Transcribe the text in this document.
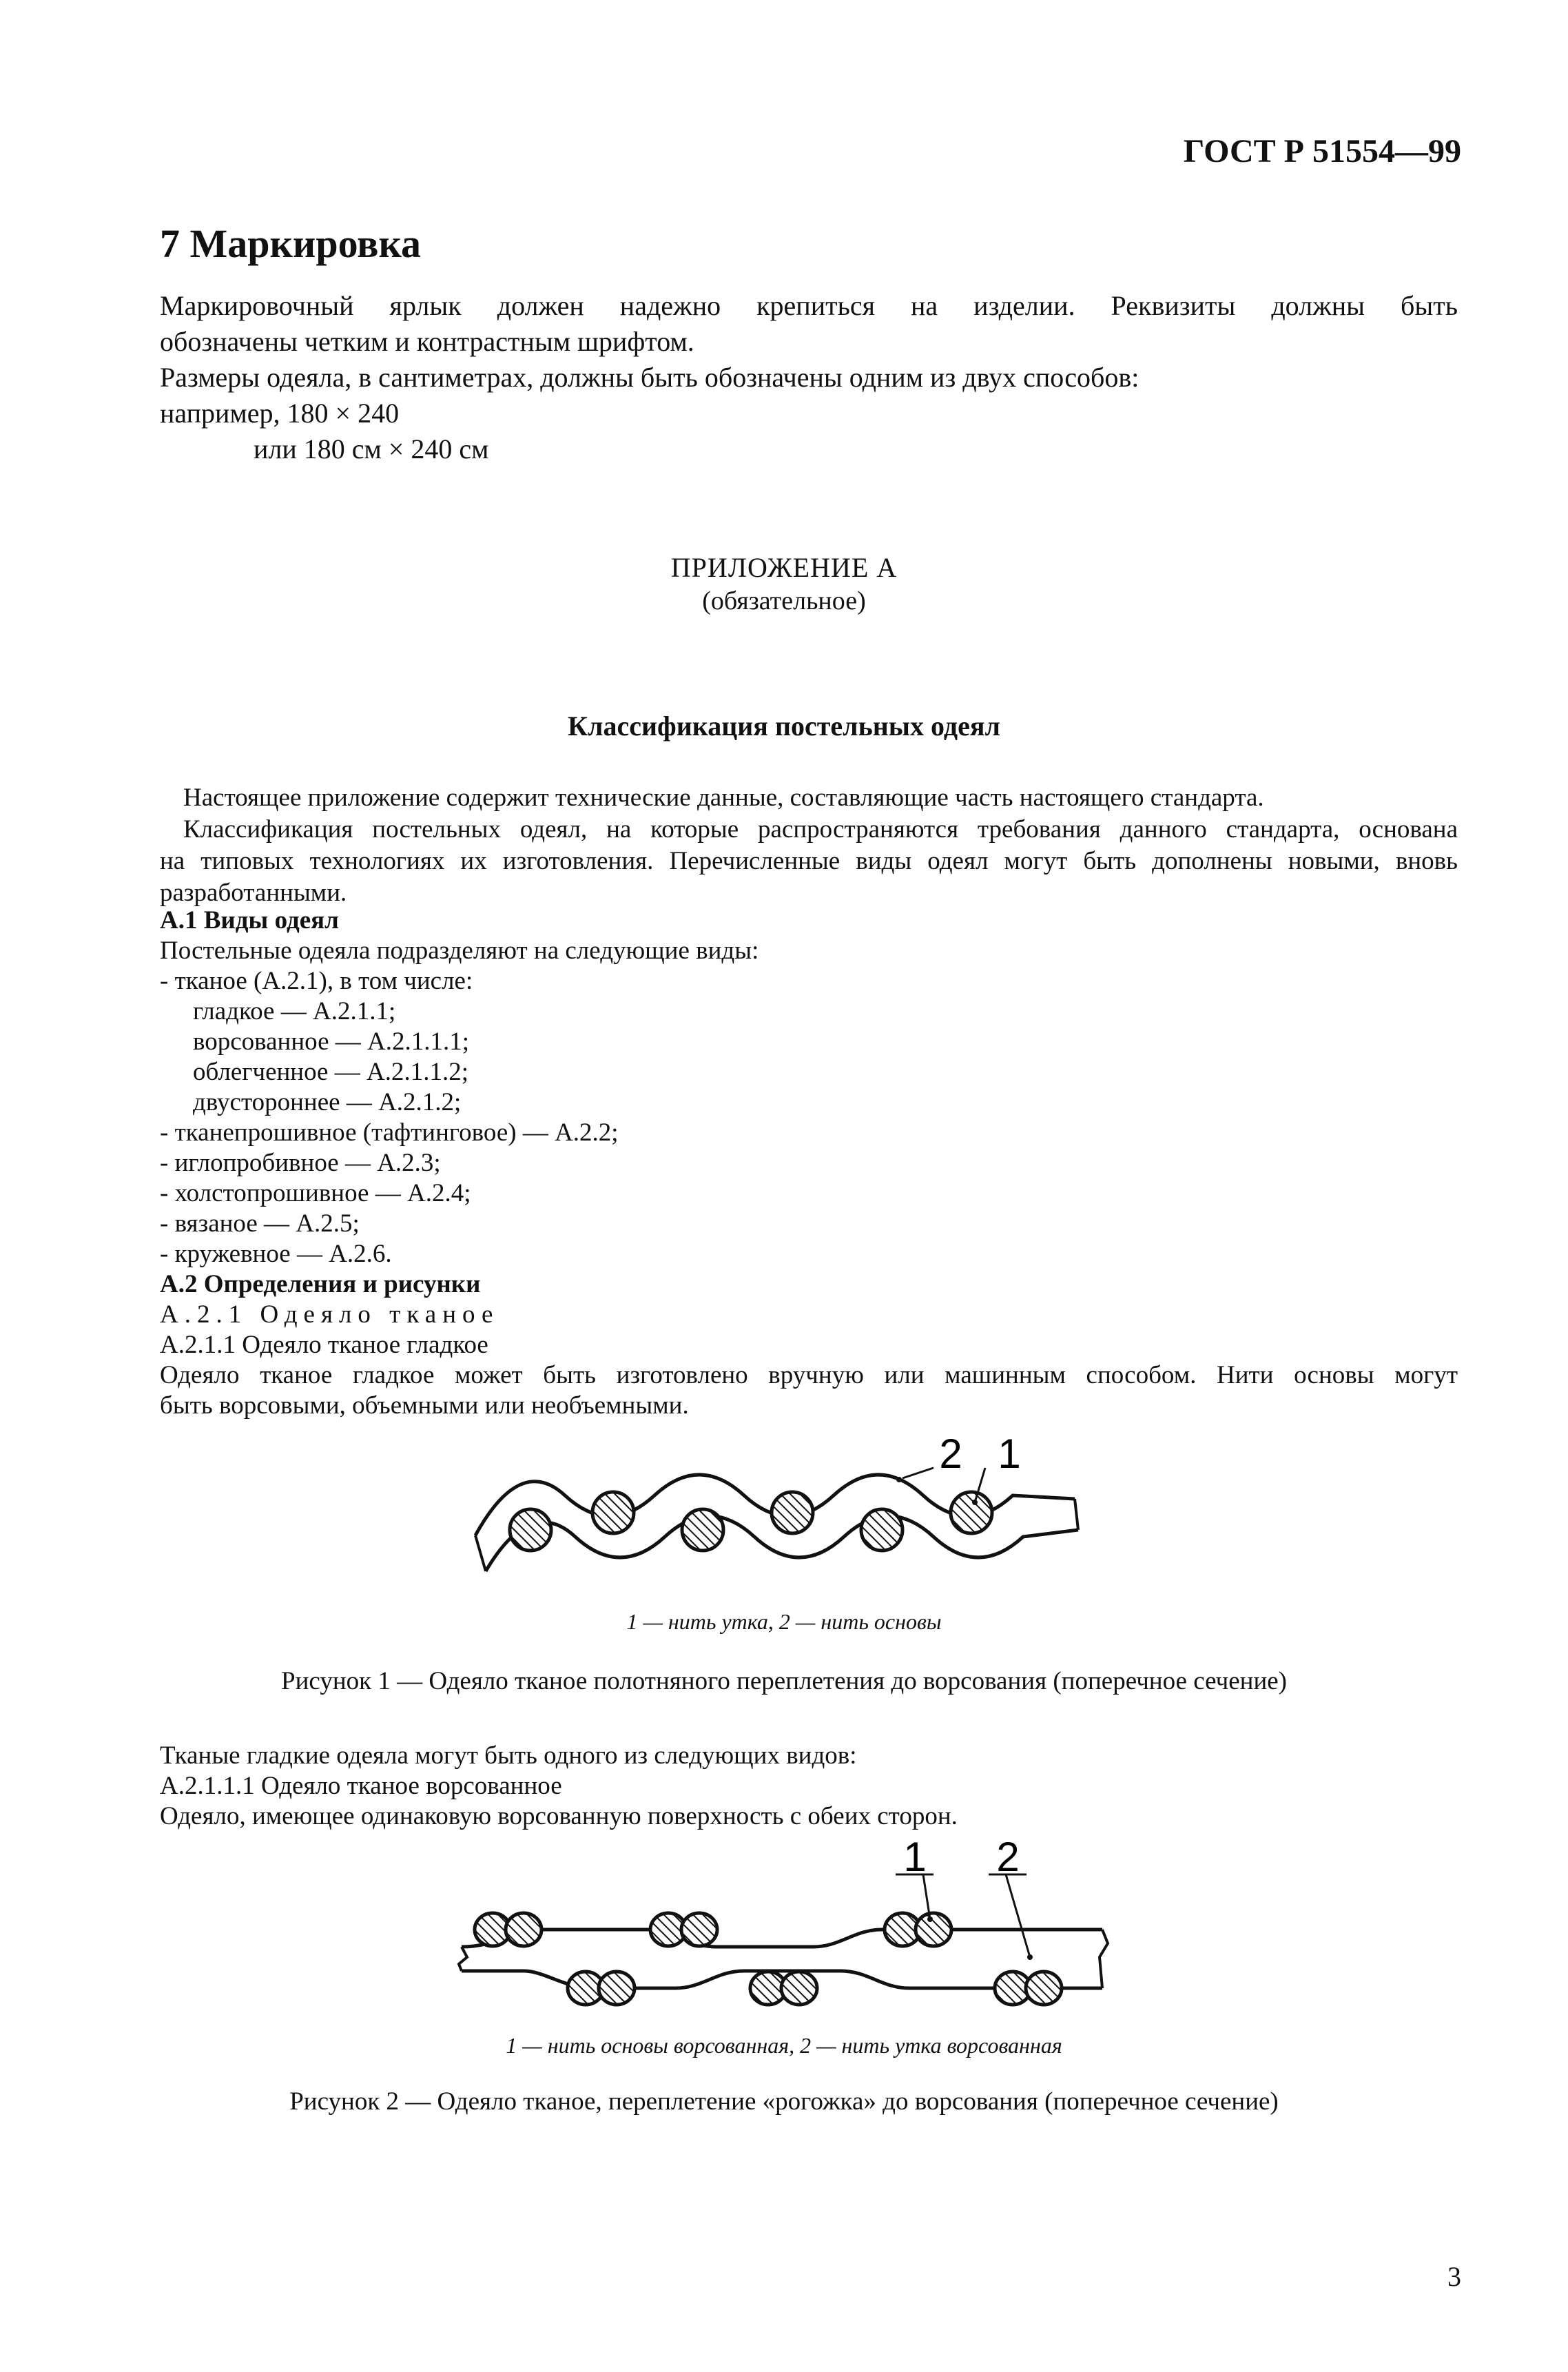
ГОСТ Р 51554—99
7 Маркировка
Маркировочный ярлык должен надежно крепиться на изделии. Реквизиты должны быть
обозначены четким и контрастным шрифтом.
Размеры одеяла, в сантиметрах, должны быть обозначены одним из двух способов:
например, 180 × 240
или 180 см × 240 см
ПРИЛОЖЕНИЕ А
(обязательное)
Классификация постельных одеял
Настоящее приложение содержит технические данные, составляющие часть настоящего стандарта.
Классификация постельных одеял, на которые распространяются требования данного стандарта, основана
на типовых технологиях их изготовления. Перечисленные виды одеял могут быть дополнены новыми, вновь
разработанными.
А.1 Виды одеял
Постельные одеяла подразделяют на следующие виды:
- тканое (А.2.1), в том числе:
гладкое — А.2.1.1;
ворсованное — А.2.1.1.1;
облегченное — А.2.1.1.2;
двустороннее — А.2.1.2;
- тканепрошивное (тафтинговое) — А.2.2;
- иглопробивное — А.2.3;
- холстопрошивное — А.2.4;
- вязаное — А.2.5;
- кружевное — А.2.6.
А.2 Определения и рисунки
А.2.1 Одеяло тканое
А.2.1.1 Одеяло тканое гладкое
Одеяло тканое гладкое может быть изготовлено вручную или машинным способом. Нити основы могут
быть ворсовыми, объемными или необъемными.
2 1
1 — нить утка, 2 — нить основы
Рисунок 1 — Одеяло тканое полотняного переплетения до ворсования (поперечное сечение)
Тканые гладкие одеяла могут быть одного из следующих видов:
А.2.1.1.1 Одеяло тканое ворсованное
Одеяло, имеющее одинаковую ворсованную поверхность с обеих сторон.
1 2
1 — нить основы ворсованная, 2 — нить утка ворсованная
Рисунок 2 — Одеяло тканое, переплетение «рогожка» до ворсования (поперечное сечение)
3
